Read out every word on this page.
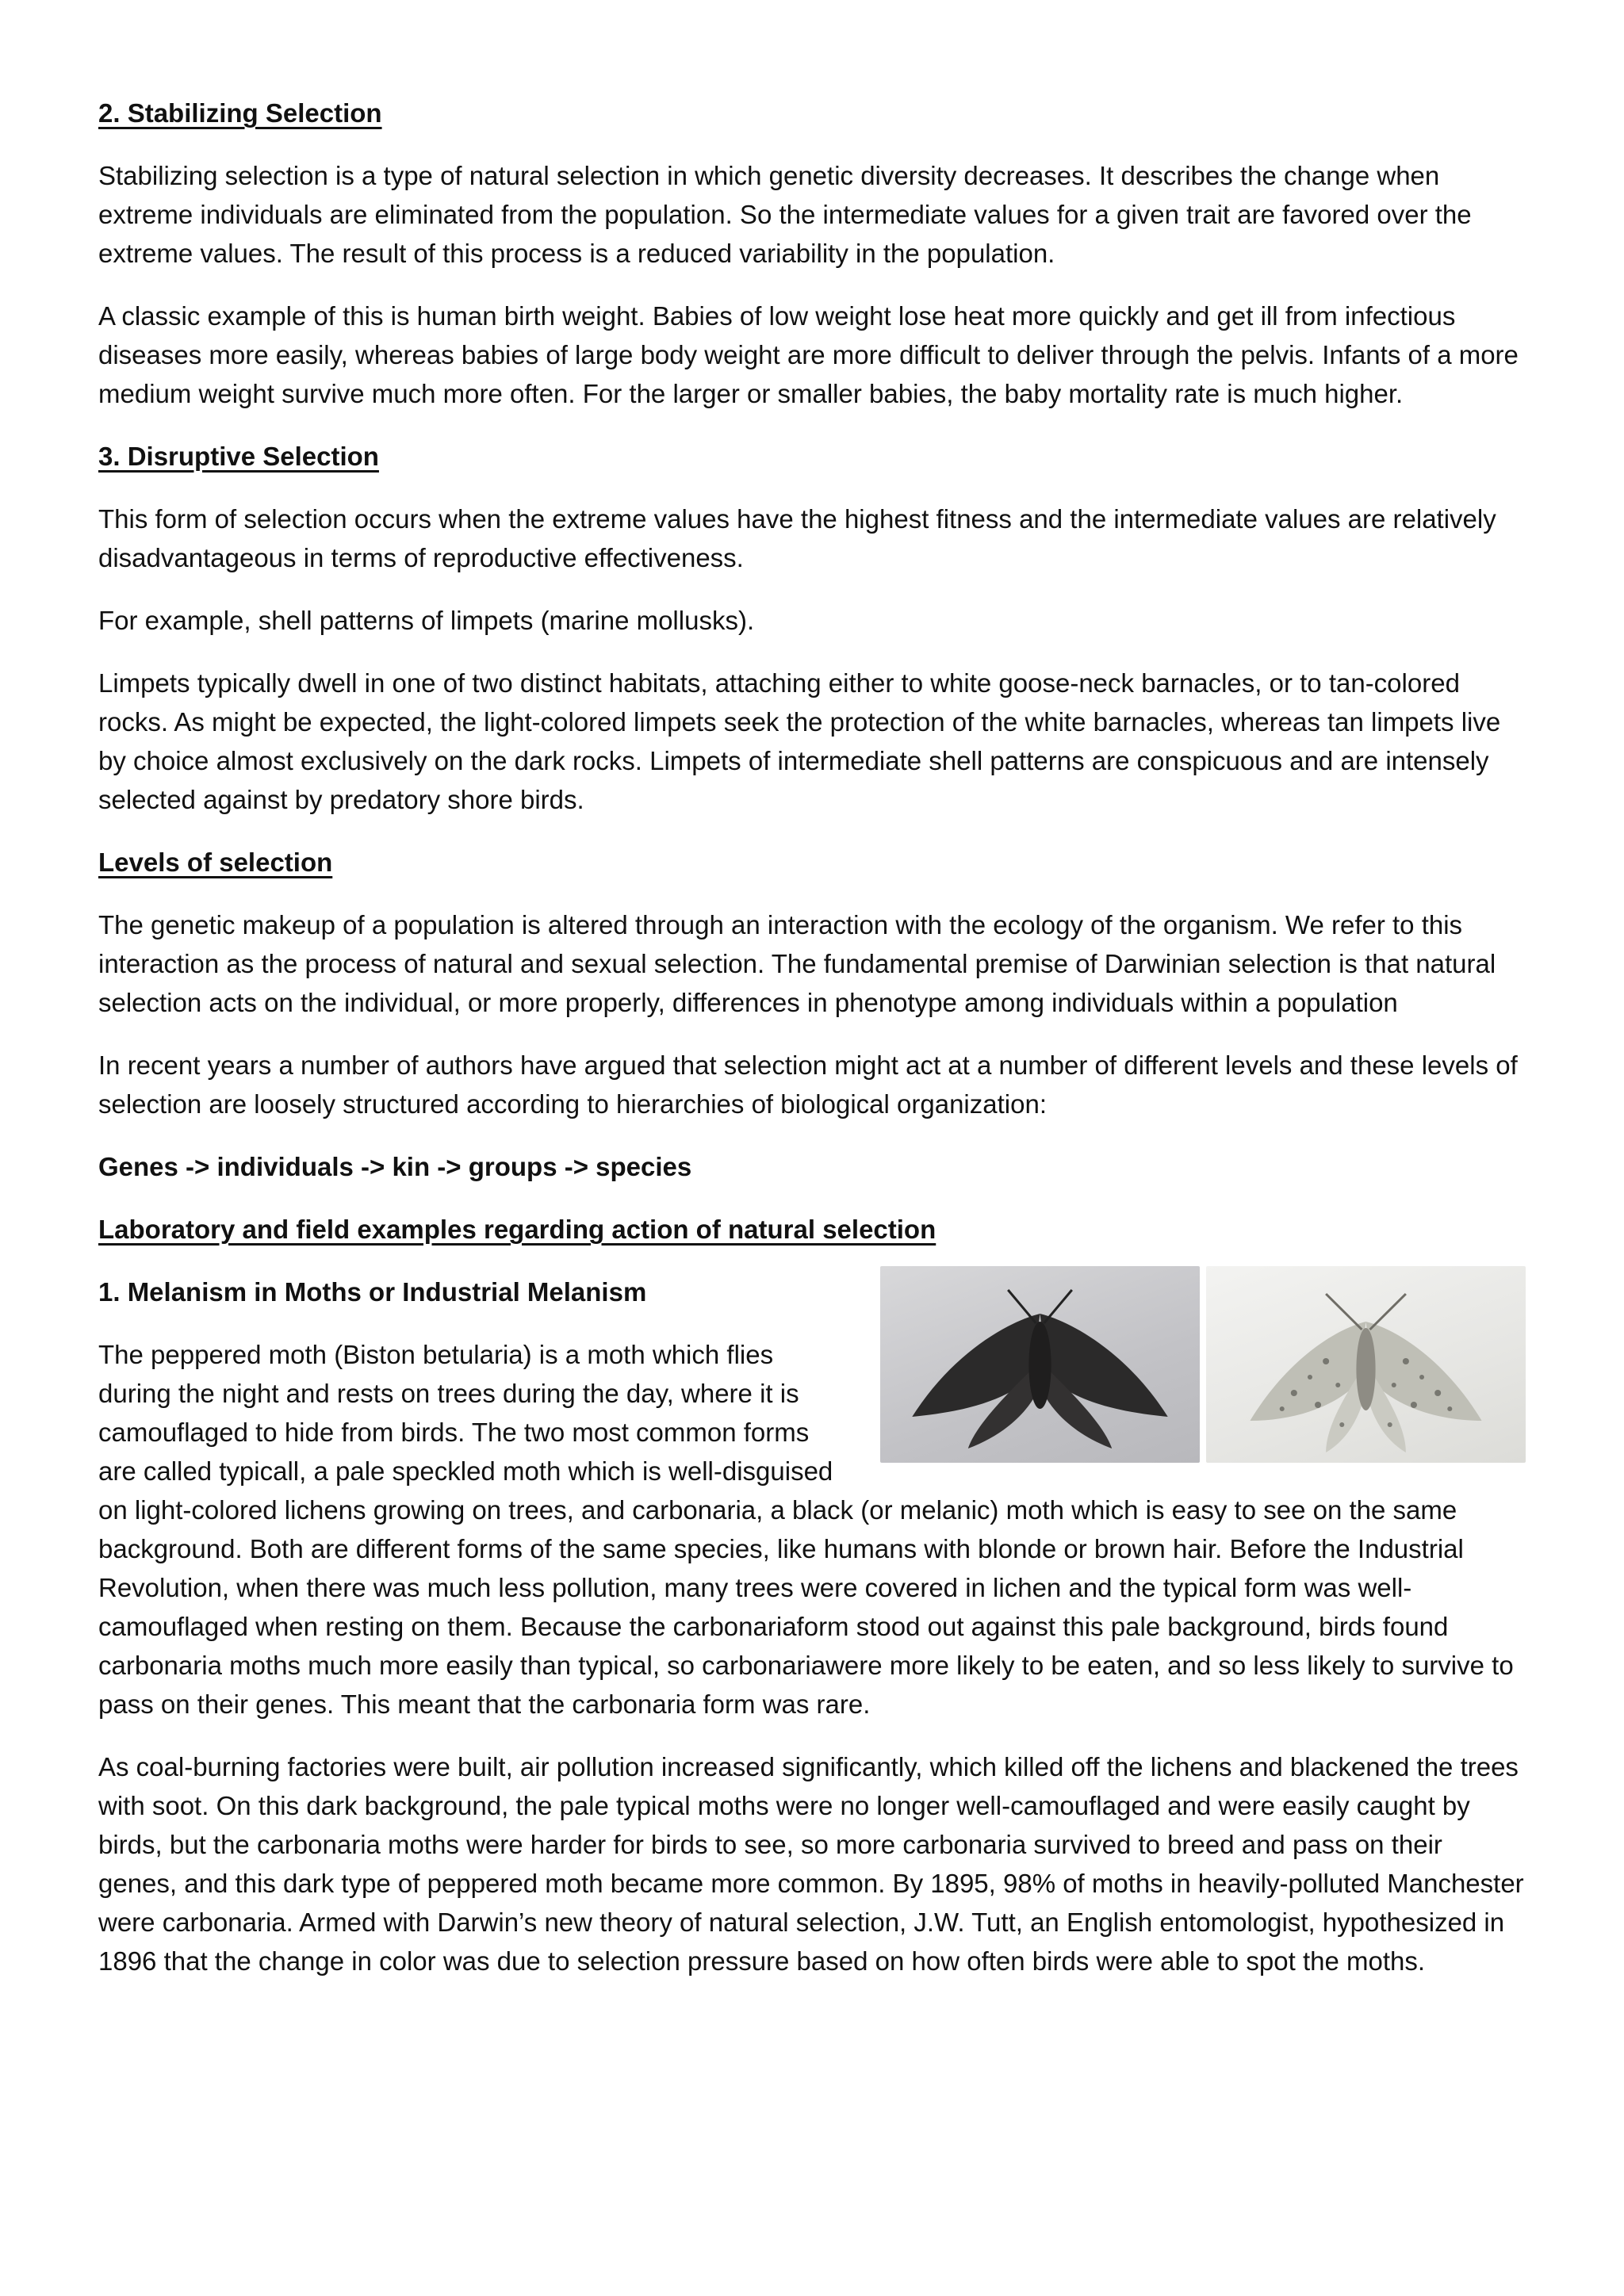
2. Stabilizing Selection

Stabilizing selection is a type of natural selection in which genetic diversity decreases. It describes the change when extreme individuals are eliminated from the population. So the intermediate values for a given trait are favored over the extreme values. The result of this process is a reduced variability in the population.

A classic example of this is human birth weight. Babies of low weight lose heat more quickly and get ill from infectious diseases more easily, whereas babies of large body weight are more difficult to deliver through the pelvis. Infants of a more medium weight survive much more often. For the larger or smaller babies, the baby mortality rate is much higher.

3. Disruptive Selection

This form of selection occurs when the extreme values have the highest fitness and the intermediate values are relatively disadvantageous in terms of reproductive effectiveness.

For example, shell patterns of limpets (marine mollusks).

Limpets typically dwell in one of two distinct habitats, attaching either to white goose-neck barnacles, or to tan-colored rocks. As might be expected, the light-colored limpets seek the protection of the white barnacles, whereas tan limpets live by choice almost exclusively on the dark rocks. Limpets of intermediate shell patterns are conspicuous and are intensely selected against by predatory shore birds.

Levels of selection

The genetic makeup of a population is altered through an interaction with the ecology of the organism. We refer to this interaction as the process of natural and sexual selection. The fundamental premise of Darwinian selection is that natural selection acts on the individual, or more properly, differences in phenotype among individuals within a population

In recent years a number of authors have argued that selection might act at a number of different levels and these levels of selection are loosely structured according to hierarchies of biological organization:

Genes -> individuals -> kin -> groups -> species

Laboratory and field examples regarding action of natural selection
1. Melanism in Moths or Industrial Melanism

The peppered moth (Biston betularia) is a moth which flies during the night and rests on trees during the day, where it is camouflaged to hide from birds. The two most common forms are called typicall, a pale speckled moth which is well-disguised on light-colored lichens growing on trees, and carbonaria, a black (or melanic) moth which is easy to see on the same background. Both are different forms of the same species, like humans with blonde or brown hair. Before the Industrial Revolution, when there was much less pollution, many trees were covered in lichen and the typical form was well-camouflaged when resting on them. Because the carbonariaform stood out against this pale background, birds found carbonaria moths much more easily than typical, so carbonariawere more likely to be eaten, and so less likely to survive to pass on their genes. This meant that the carbonaria form was rare.

As coal-burning factories were built, air pollution increased significantly, which killed off the lichens and blackened the trees with soot. On this dark background, the pale typical moths were no longer well-camouflaged and were easily caught by birds, but the carbonaria moths were harder for birds to see, so more carbonaria survived to breed and pass on their genes, and this dark type of peppered moth became more common. By 1895, 98% of moths in heavily-polluted Manchester were carbonaria. Armed with Darwin’s new theory of natural selection, J.W. Tutt, an English entomologist, hypothesized in 1896 that the change in color was due to selection pressure based on how often birds were able to spot the moths.
